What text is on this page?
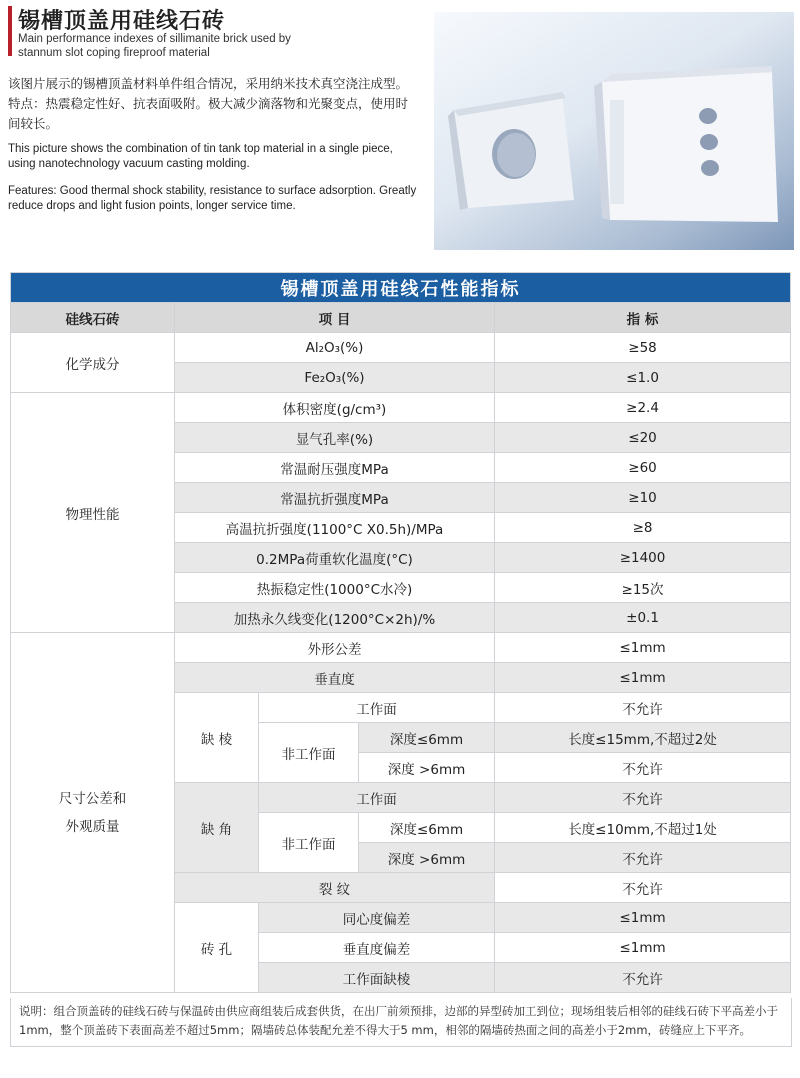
锡槽顶盖用硅线石砖
Main performance indexes of sillimanite brick used by
stannum slot coping fireproof material

该图片展示的锡槽顶盖材料单件组合情况，采用纳米技术真空浇注成型。

特点：热震稳定性好、抗表面吸附。极大减少滴落物和光聚变点，使用时间较长。

This picture shows the combination of tin tank top material in a single piece, using nanotechnology vacuum casting molding.

Features: Good thermal shock stability, resistance to surface adsorption. Greatly reduce drops and light fusion points, longer service time.

锡槽顶盖用硅线石性能指标				
硅线石砖	项 目			指 标
化学成分	Al₂O₃(%)			≥58
	Fe₂O₃(%)			≤1.0
物理性能	体积密度(g/cm³)			≥2.4
	显气孔率(%)			≤20
	常温耐压强度MPa			≥60
	常温抗折强度MPa			≥10
	高温抗折强度(1100°C X0.5h)/MPa			≥8
	0.2MPa荷重软化温度(°C)			≥1400
	热振稳定性(1000°C水冷)			≥15次
	加热永久线变化(1200°C×2h)/%			±0.1

尺寸公差和
外观质量	外形公差			≤1mm
	垂直度			≤1mm
	缺 棱	工作面		不允许
		非工作面	深度≤6mm	长度≤15mm,不超过2处
			深度 >6mm	不允许
	缺 角	工作面		不允许
		非工作面	深度≤6mm	长度≤10mm,不超过1处
			深度 >6mm	不允许
	裂 纹			不允许
	砖 孔	同心度偏差		≤1mm
		垂直度偏差		≤1mm
		工作面缺棱		不允许
说明：组合顶盖砖的硅线石砖与保温砖由供应商组装后成套供货，在出厂前须预排，边部的异型砖加工到位；现场组装后相邻的硅线石砖下平高差小于1mm，整个顶盖砖下表面高差不超过5mm；隔墙砖总体装配允差不得大于5 mm，相邻的隔墙砖热面之间的高差小于2mm，砖缝应上下平齐。
